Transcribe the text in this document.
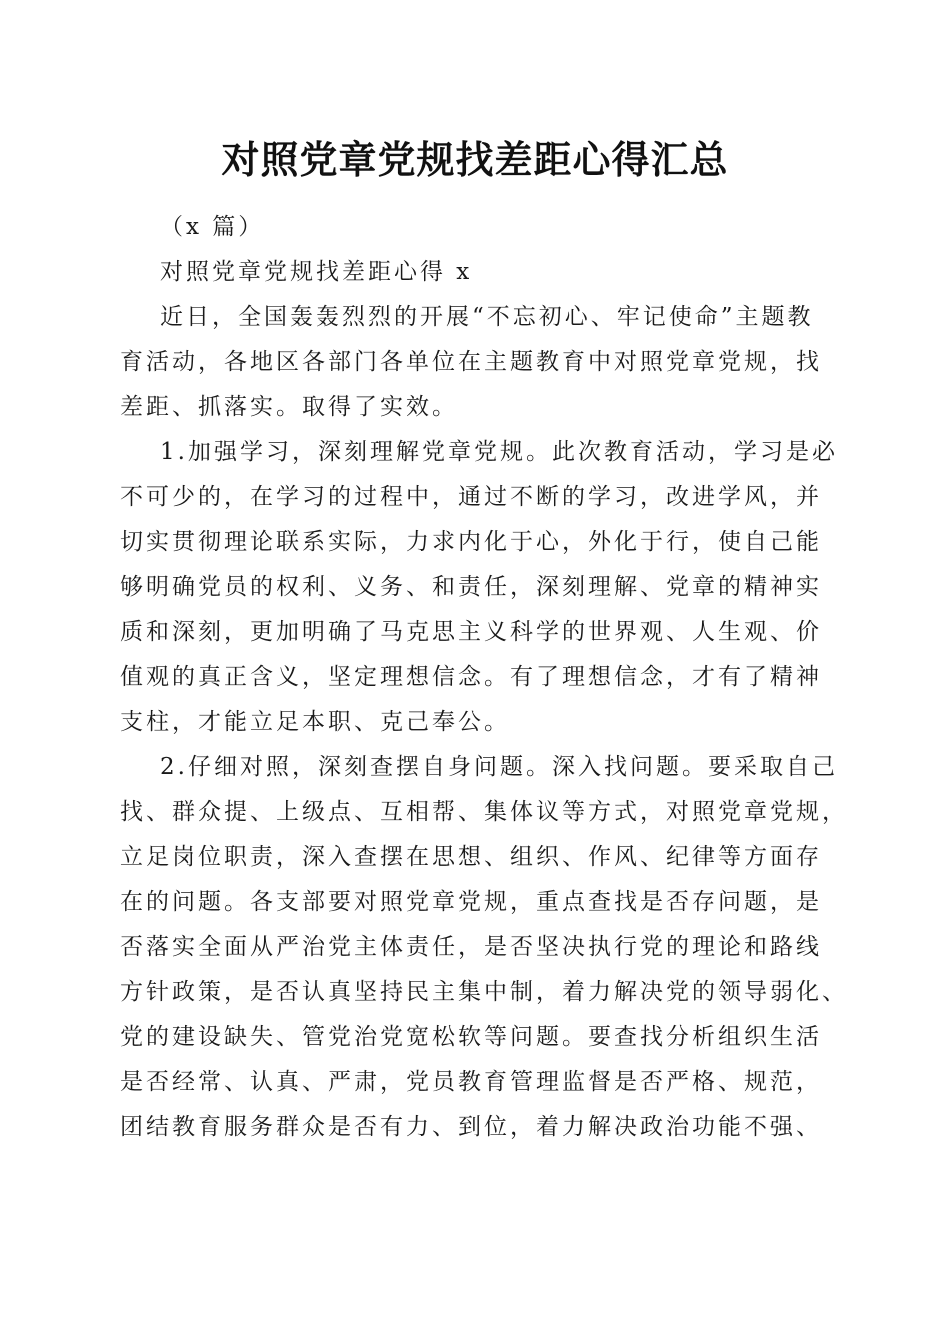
对照党章党规找差距心得汇总
（x 篇）
对照党章党规找差距心得 x
近日，全国轰轰烈烈的开展“不忘初心、牢记使命”主题教
育活动，各地区各部门各单位在主题教育中对照党章党规，找
差距、抓落实。取得了实效。
1.加强学习，深刻理解党章党规。此次教育活动，学习是必
不可少的，在学习的过程中，通过不断的学习，改进学风，并
切实贯彻理论联系实际，力求内化于心，外化于行，使自己能
够明确党员的权利、义务、和责任，深刻理解、党章的精神实
质和深刻，更加明确了马克思主义科学的世界观、人生观、价
值观的真正含义，坚定理想信念。有了理想信念，才有了精神
支柱，才能立足本职、克己奉公。
2.仔细对照，深刻查摆自身问题。深入找问题。要采取自己
找、群众提、上级点、互相帮、集体议等方式，对照党章党规，
立足岗位职责，深入查摆在思想、组织、作风、纪律等方面存
在的问题。各支部要对照党章党规，重点查找是否存问题，是
否落实全面从严治党主体责任，是否坚决执行党的理论和路线
方针政策，是否认真坚持民主集中制，着力解决党的领导弱化、
党的建设缺失、管党治党宽松软等问题。要查找分析组织生活
是否经常、认真、严肃，党员教育管理监督是否严格、规范，
团结教育服务群众是否有力、到位，着力解决政治功能不强、
